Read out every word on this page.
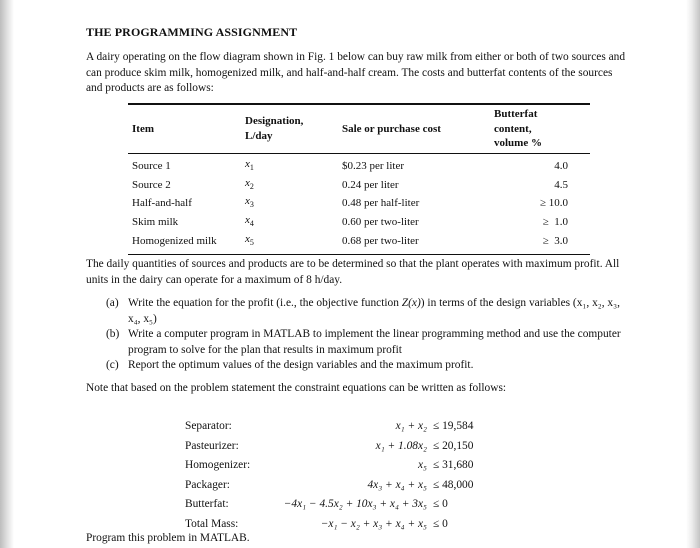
THE PROGRAMMING ASSIGNMENT
A dairy operating on the flow diagram shown in Fig. 1 below can buy raw milk from either or both of two sources and can produce skim milk, homogenized milk, and half-and-half cream. The costs and butterfat contents of the sources and products are as follows:
Item	Designation, L/day	Sale or purchase cost	Butterfat content, volume %
Source 1	$x_1$	$0.23 per liter	4.0
Source 2	$x_2$	0.24 per liter	4.5
Half-and-half	$x_3$	0.48 per half-liter	≥ 10.0
Skim milk	$x_4$	0.60 per two-liter	≥  1.0
Homogenized milk	$x_5$	0.68 per two-liter	≥  3.0
The daily quantities of sources and products are to be determined so that the plant operates with maximum profit. All units in the dairy can operate for a maximum of 8 h/day.
(a) Write the equation for the profit (i.e., the objective function Z(x)) in terms of the design variables (x₁, x₂, x₃, x₄, x₅)
(b) Write a computer program in MATLAB to implement the linear programming method and use the computer program to solve for the plan that results in maximum profit
(c) Report the optimum values of the design variables and the maximum profit.
Note that based on the problem statement the constraint equations can be written as follows:
Separator:	x₁ + x₂ ≤ 19,584
Pasteurizer:	x₁ + 1.08x₂ ≤ 20,150
Homogenizer:	x₅ ≤ 31,680
Packager:	4x₃ + x₄ + x₅ ≤ 48,000
Butterfat:	−4x₁ − 4.5x₂ + 10x₃ + x₄ + 3x₅ ≤ 0
Total Mass:	−x₁ − x₂ + x₃ + x₄ + x₅ ≤ 0
Program this problem in MATLAB.
